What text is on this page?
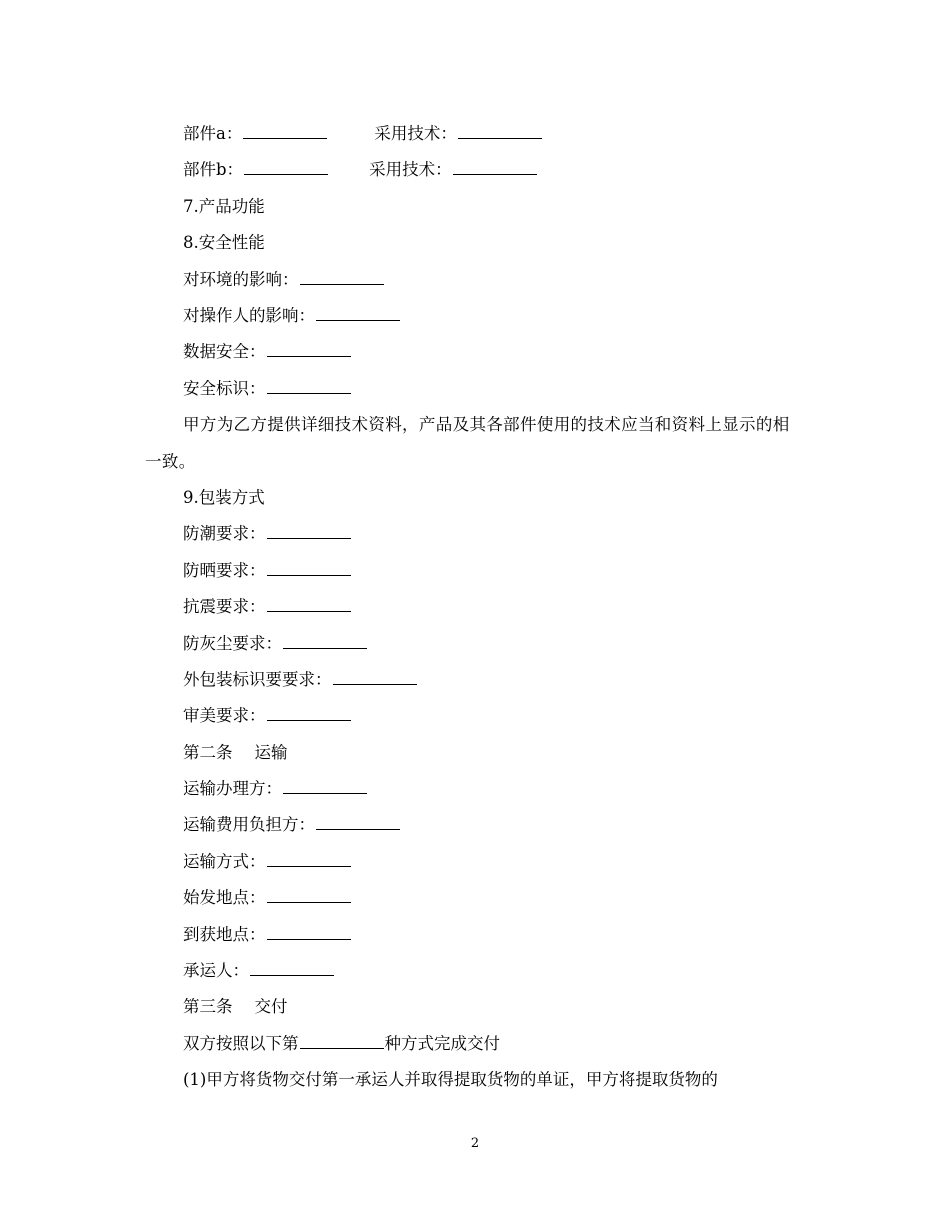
部件a：	采用技术：
部件b：	采用技术：
7.产品功能
8.安全性能
对环境的影响：
对操作人的影响：
数据安全：
安全标识：
甲方为乙方提供详细技术资料，产品及其各部件使用的技术应当和资料上显示的相一致。
9.包装方式
防潮要求：
防晒要求：
抗震要求：
防灰尘要求：
外包装标识要要求：
审美要求：
第二条 运输
运输办理方：
运输费用负担方：
运输方式：
始发地点：
到获地点：
承运人：
第三条 交付
双方按照以下第	种方式完成交付
(1)甲方将货物交付第一承运人并取得提取货物的单证，甲方将提取货物的
2
